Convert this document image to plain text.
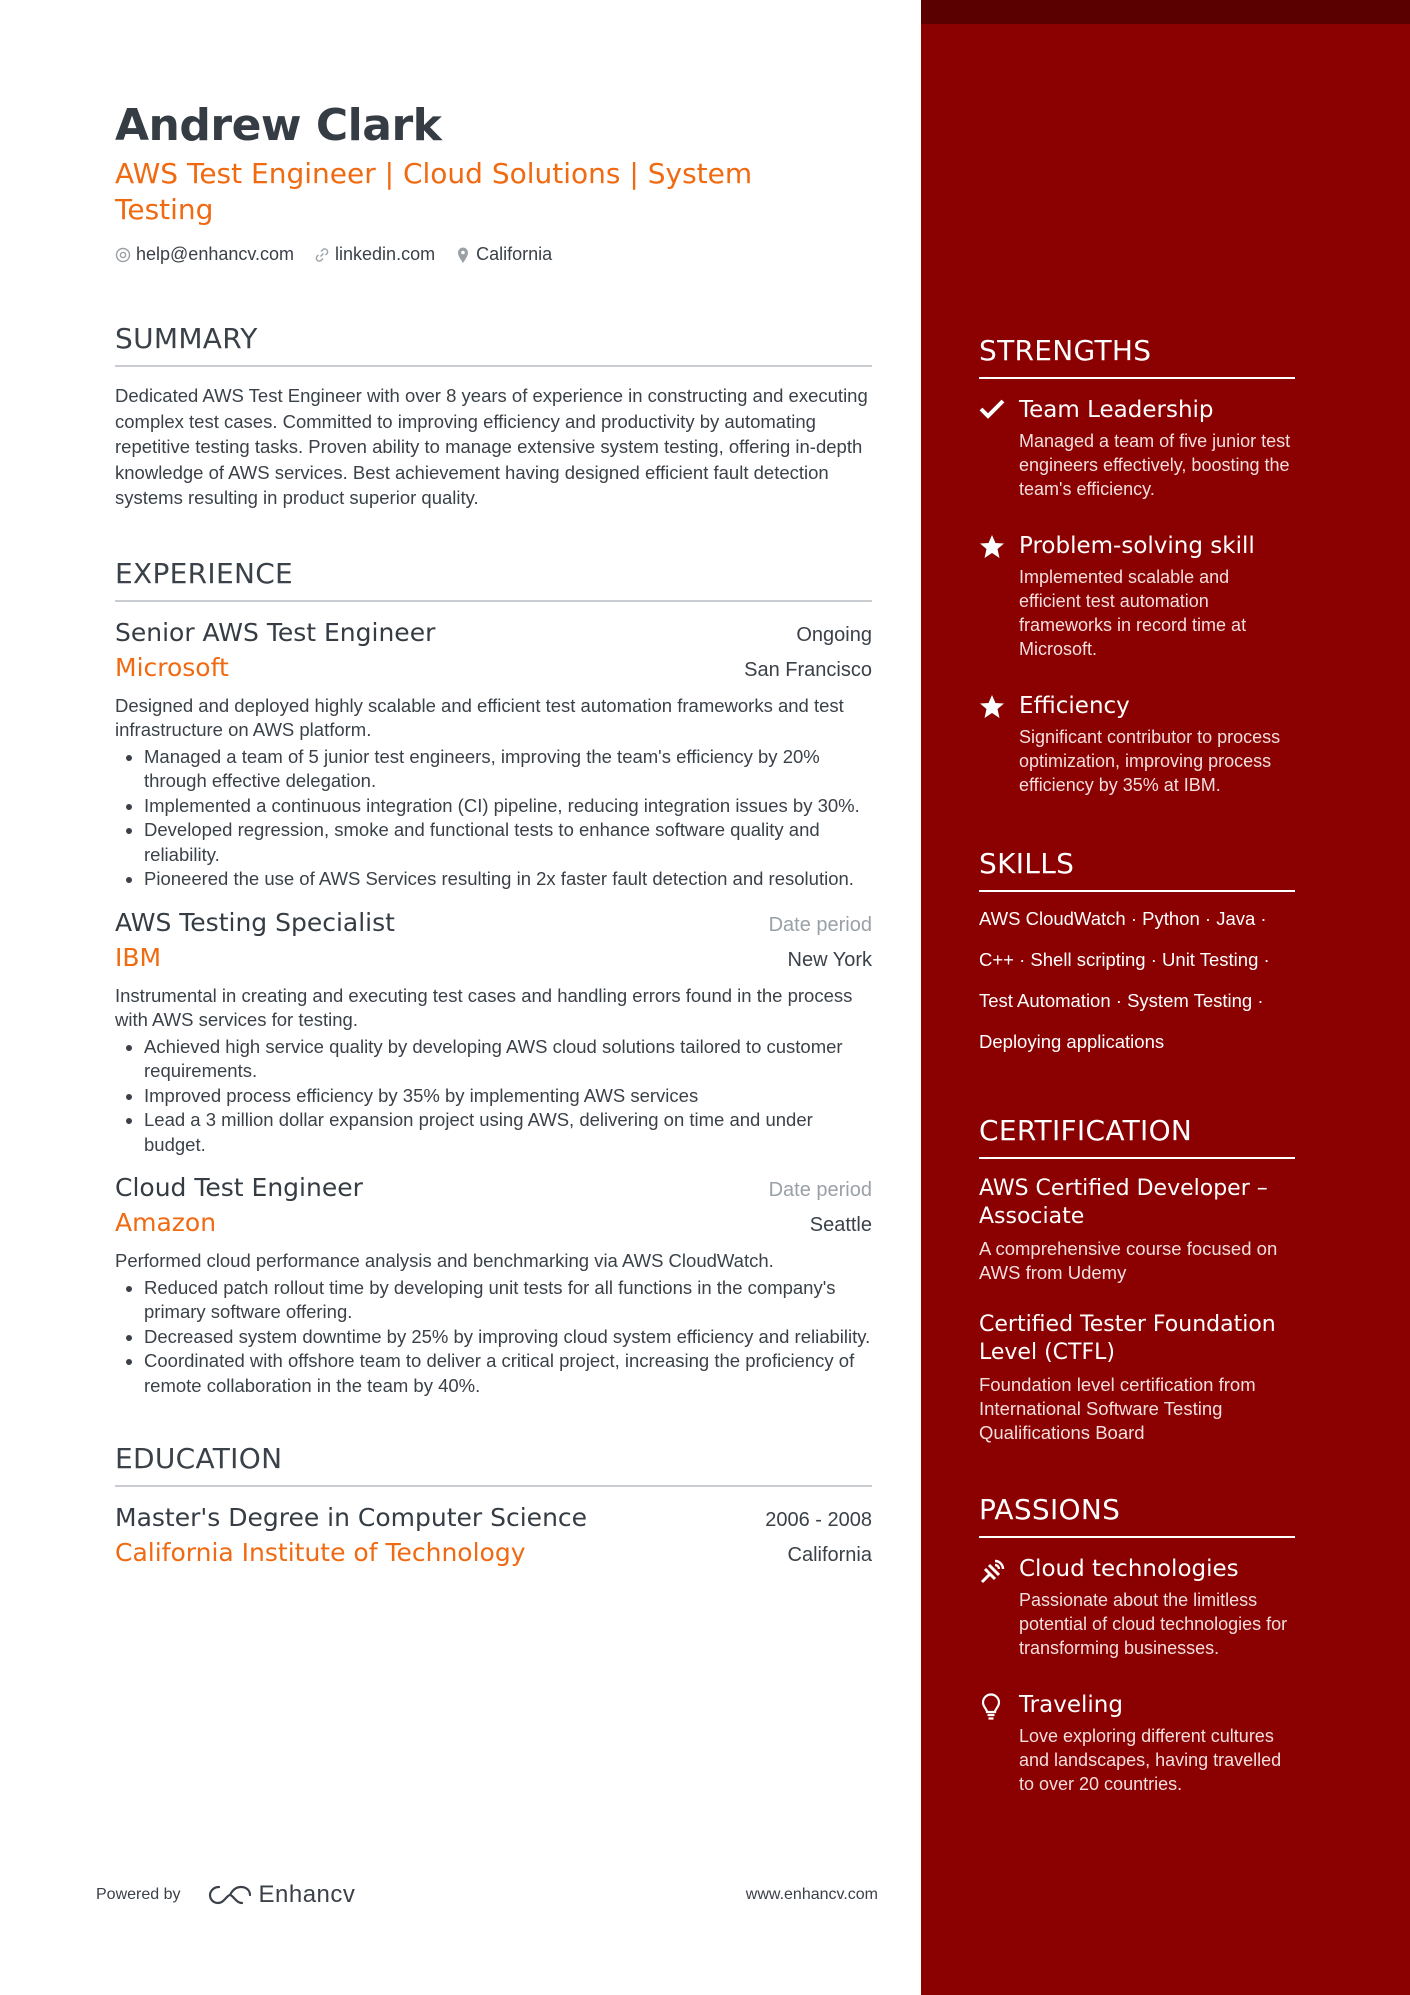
Andrew Clark
AWS Test Engineer | Cloud Solutions | System Testing
help@enhancv.com linkedin.com California
SUMMARY
Dedicated AWS Test Engineer with over 8 years of experience in constructing and executing complex test cases. Committed to improving efficiency and productivity by automating repetitive testing tasks. Proven ability to manage extensive system testing, offering in-depth knowledge of AWS services. Best achievement having designed efficient fault detection systems resulting in product superior quality.
EXPERIENCE
Senior AWS Test Engineer	Ongoing
Microsoft	San Francisco
Designed and deployed highly scalable and efficient test automation frameworks and test infrastructure on AWS platform.
• Managed a team of 5 junior test engineers, improving the team's efficiency by 20% through effective delegation.
• Implemented a continuous integration (CI) pipeline, reducing integration issues by 30%.
• Developed regression, smoke and functional tests to enhance software quality and reliability.
• Pioneered the use of AWS Services resulting in 2x faster fault detection and resolution.
AWS Testing Specialist	Date period
IBM	New York
Instrumental in creating and executing test cases and handling errors found in the process with AWS services for testing.
• Achieved high service quality by developing AWS cloud solutions tailored to customer requirements.
• Improved process efficiency by 35% by implementing AWS services
• Lead a 3 million dollar expansion project using AWS, delivering on time and under budget.
Cloud Test Engineer	Date period
Amazon	Seattle
Performed cloud performance analysis and benchmarking via AWS CloudWatch.
• Reduced patch rollout time by developing unit tests for all functions in the company's primary software offering.
• Decreased system downtime by 25% by improving cloud system efficiency and reliability.
• Coordinated with offshore team to deliver a critical project, increasing the proficiency of remote collaboration in the team by 40%.
EDUCATION
Master's Degree in Computer Science	2006 - 2008
California Institute of Technology	California
Powered by	Enhancv	www.enhancv.com
STRENGTHS
Team Leadership
Managed a team of five junior test engineers effectively, boosting the team's efficiency.
Problem-solving skill
Implemented scalable and efficient test automation frameworks in record time at Microsoft.
Efficiency
Significant contributor to process optimization, improving process efficiency by 35% at IBM.
SKILLS
AWS CloudWatch · Python · Java ·
C++ · Shell scripting · Unit Testing ·
Test Automation · System Testing ·
Deploying applications
CERTIFICATION
AWS Certified Developer – Associate
A comprehensive course focused on AWS from Udemy
Certified Tester Foundation Level (CTFL)
Foundation level certification from International Software Testing Qualifications Board
PASSIONS
Cloud technologies
Passionate about the limitless potential of cloud technologies for transforming businesses.
Traveling
Love exploring different cultures and landscapes, having travelled to over 20 countries.
